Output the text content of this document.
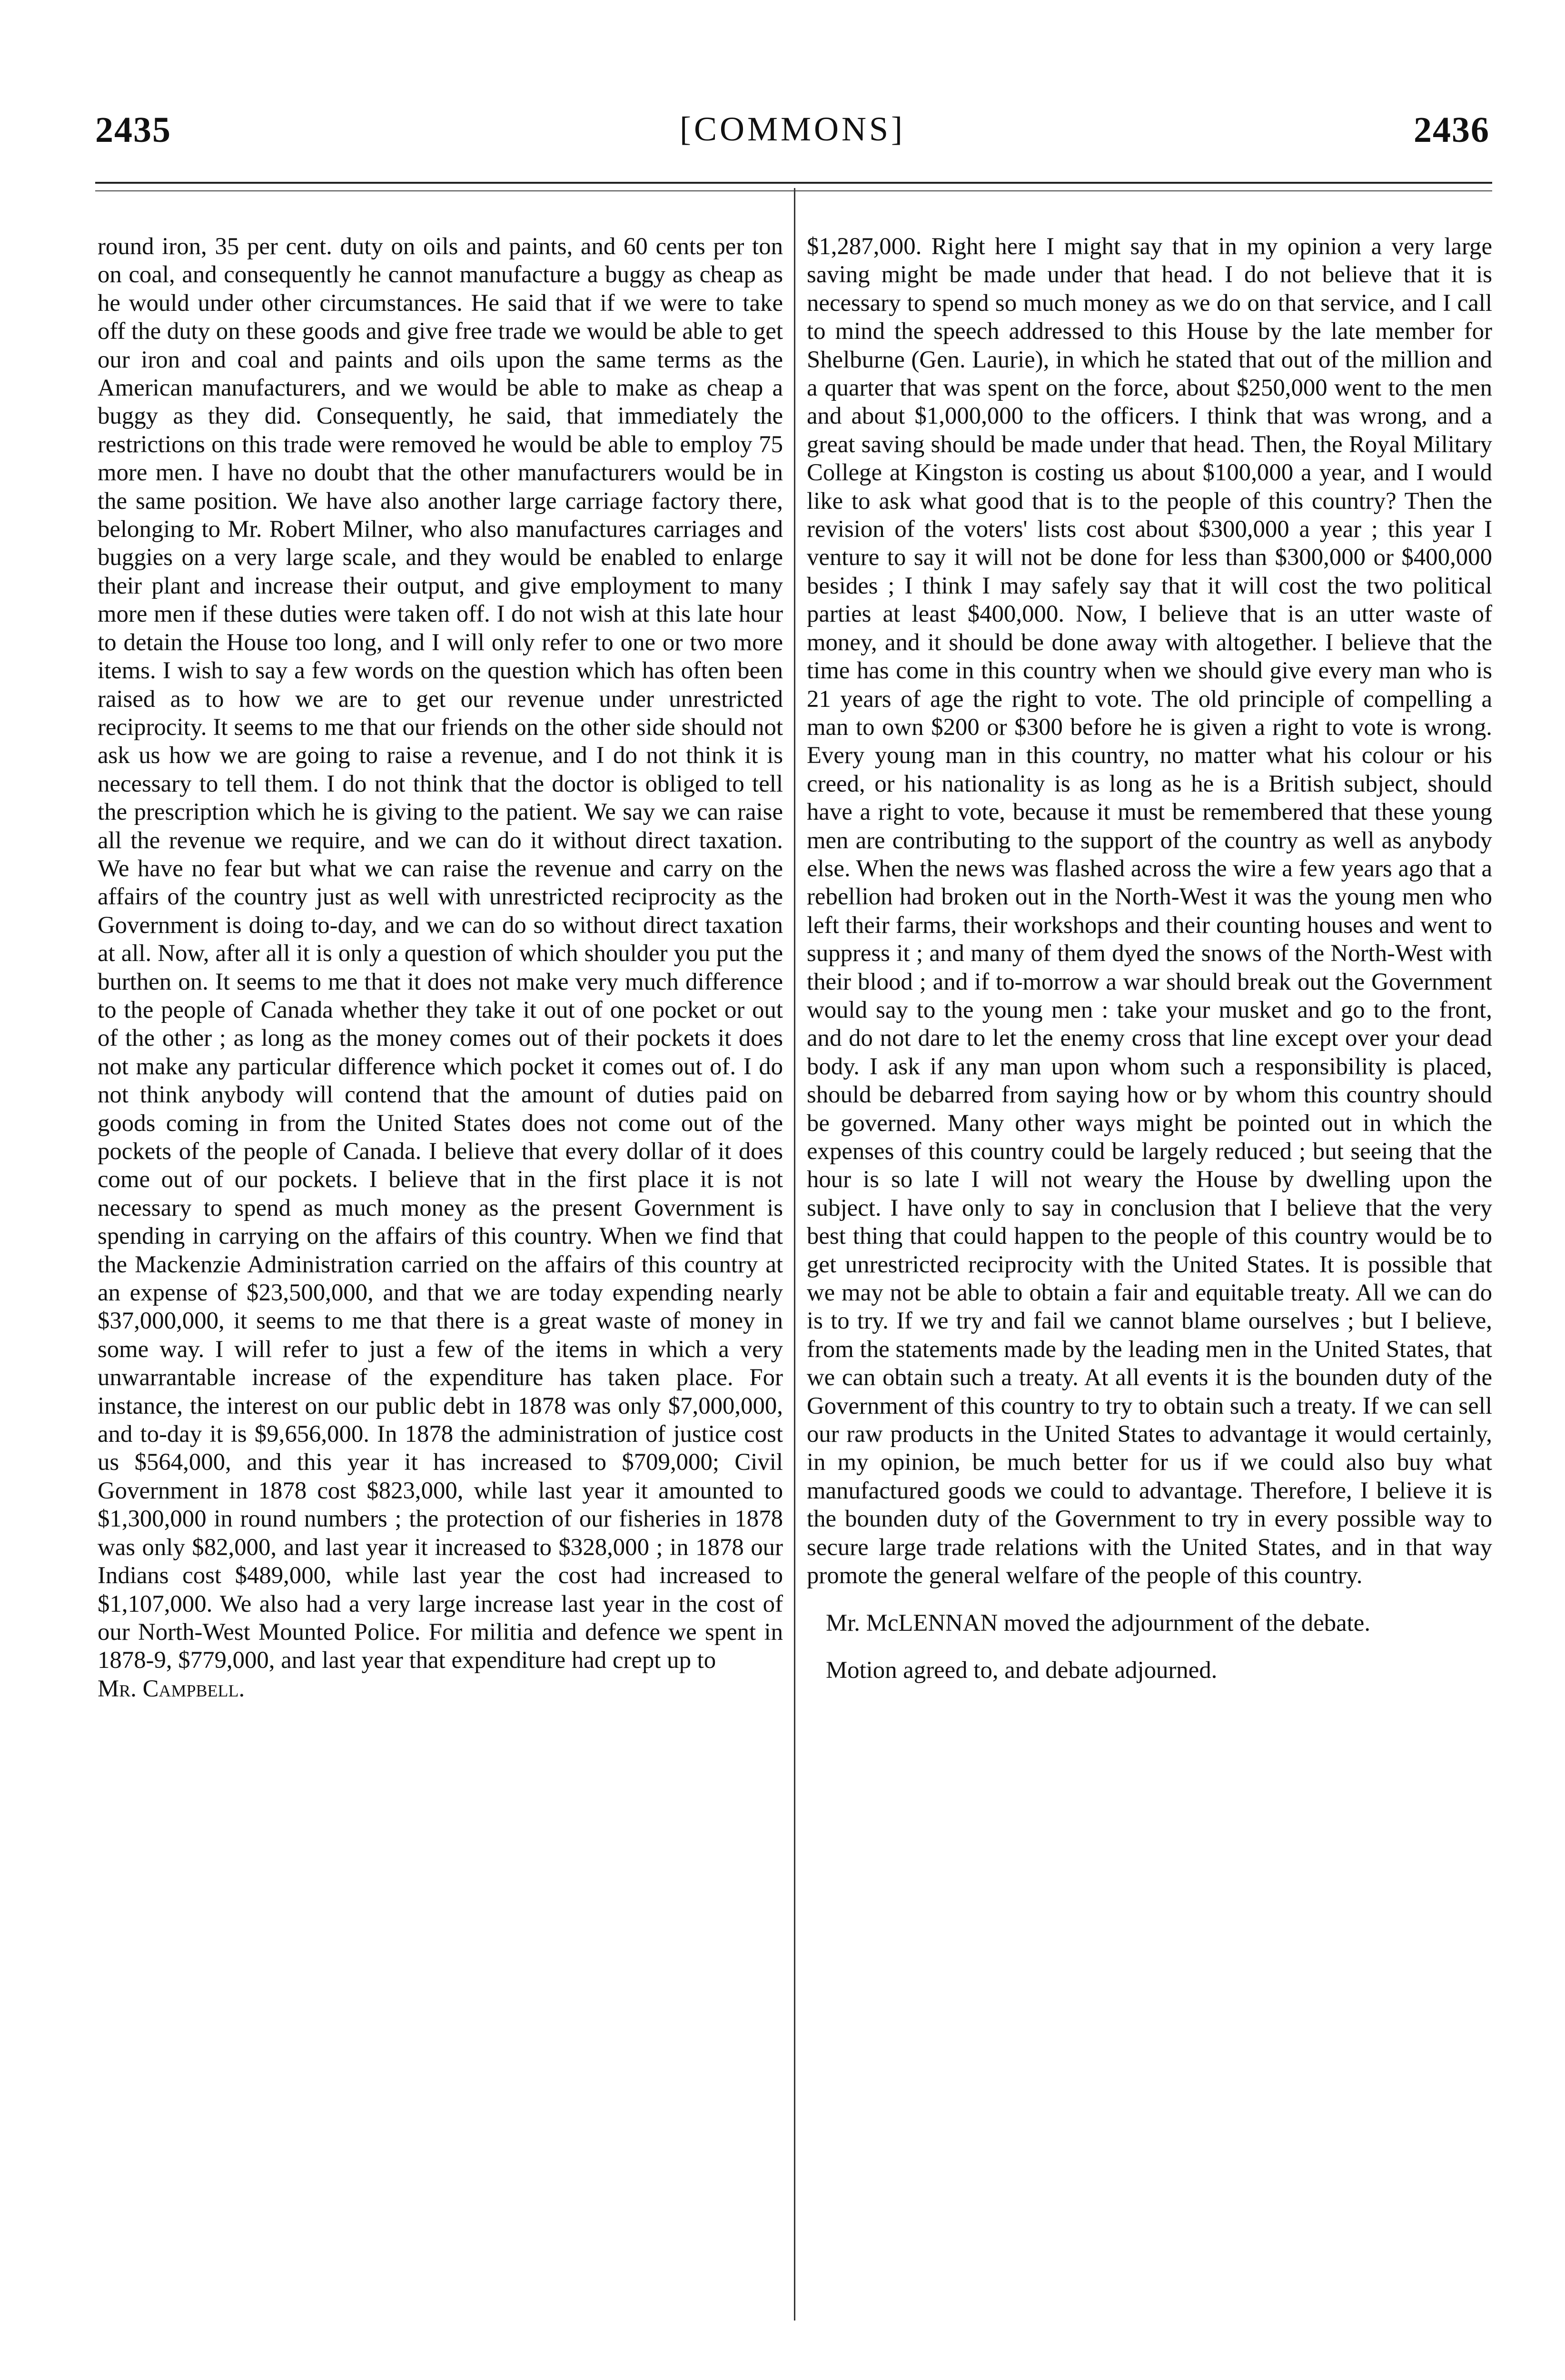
2435	[COMMONS]	2436

round iron, 35 per cent. duty on oils and paints, and 60 cents per ton on coal, and consequently he cannot manufacture a buggy as cheap as he would under other circumstances. He said that if we were to take off the duty on these goods and give free trade we would be able to get our iron and coal and paints and oils upon the same terms as the American manufacturers, and we would be able to make as cheap a buggy as they did. Consequently, he said, that immediately the restrictions on this trade were removed he would be able to employ 75 more men. I have no doubt that the other manufacturers would be in the same position. We have also another large carriage factory there, belonging to Mr. Robert Milner, who also manufactures carriages and buggies on a very large scale, and they would be enabled to enlarge their plant and increase their output, and give employment to many more men if these duties were taken off. I do not wish at this late hour to detain the House too long, and I will only refer to one or two more items. I wish to say a few words on the question which has often been raised as to how we are to get our revenue under unrestricted reciprocity. It seems to me that our friends on the other side should not ask us how we are going to raise a revenue, and I do not think it is necessary to tell them. I do not think that the doctor is obliged to tell the prescription which he is giving to the patient. We say we can raise all the revenue we require, and we can do it without direct taxation. We have no fear but what we can raise the revenue and carry on the affairs of the country just as well with unrestricted reciprocity as the Government is doing to-day, and we can do so without direct taxation at all. Now, after all it is only a question of which shoulder you put the burthen on. It seems to me that it does not make very much difference to the people of Canada whether they take it out of one pocket or out of the other ; as long as the money comes out of their pockets it does not make any particular difference which pocket it comes out of. I do not think anybody will contend that the amount of duties paid on goods coming in from the United States does not come out of the pockets of the people of Canada. I believe that every dollar of it does come out of our pockets. I believe that in the first place it is not necessary to spend as much money as the present Government is spending in carrying on the affairs of this country. When we find that the Mackenzie Administration carried on the affairs of this country at an expense of $23,500,000, and that we are today expending nearly $37,000,000, it seems to me that there is a great waste of money in some way. I will refer to just a few of the items in which a very unwarrantable increase of the expenditure has taken place. For instance, the interest on our public debt in 1878 was only $7,000,000, and to-day it is $9,656,000. In 1878 the administration of justice cost us $564,000, and this year it has increased to $709,000; Civil Government in 1878 cost $823,000, while last year it amounted to $1,300,000 in round numbers ; the protection of our fisheries in 1878 was only $82,000, and last year it increased to $328,000 ; in 1878 our Indians cost $489,000, while last year the cost had increased to $1,107,000. We also had a very large increase last year in the cost of our North-West Mounted Police. For militia and defence we spent in 1878-9, $779,000, and last year that expenditure had crept up to

Mr. Campbell.

$1,287,000. Right here I might say that in my opinion a very large saving might be made under that head. I do not believe that it is necessary to spend so much money as we do on that service, and I call to mind the speech addressed to this House by the late member for Shelburne (Gen. Laurie), in which he stated that out of the million and a quarter that was spent on the force, about $250,000 went to the men and about $1,000,000 to the officers. I think that was wrong, and a great saving should be made under that head. Then, the Royal Military College at Kingston is costing us about $100,000 a year, and I would like to ask what good that is to the people of this country? Then the revision of the voters' lists cost about $300,000 a year ; this year I venture to say it will not be done for less than $300,000 or $400,000 besides ; I think I may safely say that it will cost the two political parties at least $400,000. Now, I believe that is an utter waste of money, and it should be done away with altogether. I believe that the time has come in this country when we should give every man who is 21 years of age the right to vote. The old principle of compelling a man to own $200 or $300 before he is given a right to vote is wrong. Every young man in this country, no matter what his colour or his creed, or his nationality is as long as he is a British subject, should have a right to vote, because it must be remembered that these young men are contributing to the support of the country as well as anybody else. When the news was flashed across the wire a few years ago that a rebellion had broken out in the North-West it was the young men who left their farms, their workshops and their counting houses and went to suppress it ; and many of them dyed the snows of the North-West with their blood ; and if to-morrow a war should break out the Government would say to the young men : take your musket and go to the front, and do not dare to let the enemy cross that line except over your dead body. I ask if any man upon whom such a responsibility is placed, should be debarred from saying how or by whom this country should be governed. Many other ways might be pointed out in which the expenses of this country could be largely reduced ; but seeing that the hour is so late I will not weary the House by dwelling upon the subject. I have only to say in conclusion that I believe that the very best thing that could happen to the people of this country would be to get unrestricted reciprocity with the United States. It is possible that we may not be able to obtain a fair and equitable treaty. All we can do is to try. If we try and fail we cannot blame ourselves ; but I believe, from the statements made by the leading men in the United States, that we can obtain such a treaty. At all events it is the bounden duty of the Government of this country to try to obtain such a treaty. If we can sell our raw products in the United States to advantage it would certainly, in my opinion, be much better for us if we could also buy what manufactured goods we could to advantage. Therefore, I believe it is the bounden duty of the Government to try in every possible way to secure large trade relations with the United States, and in that way promote the general welfare of the people of this country.

Mr. McLENNAN moved the adjournment of the debate.

Motion agreed to, and debate adjourned.
